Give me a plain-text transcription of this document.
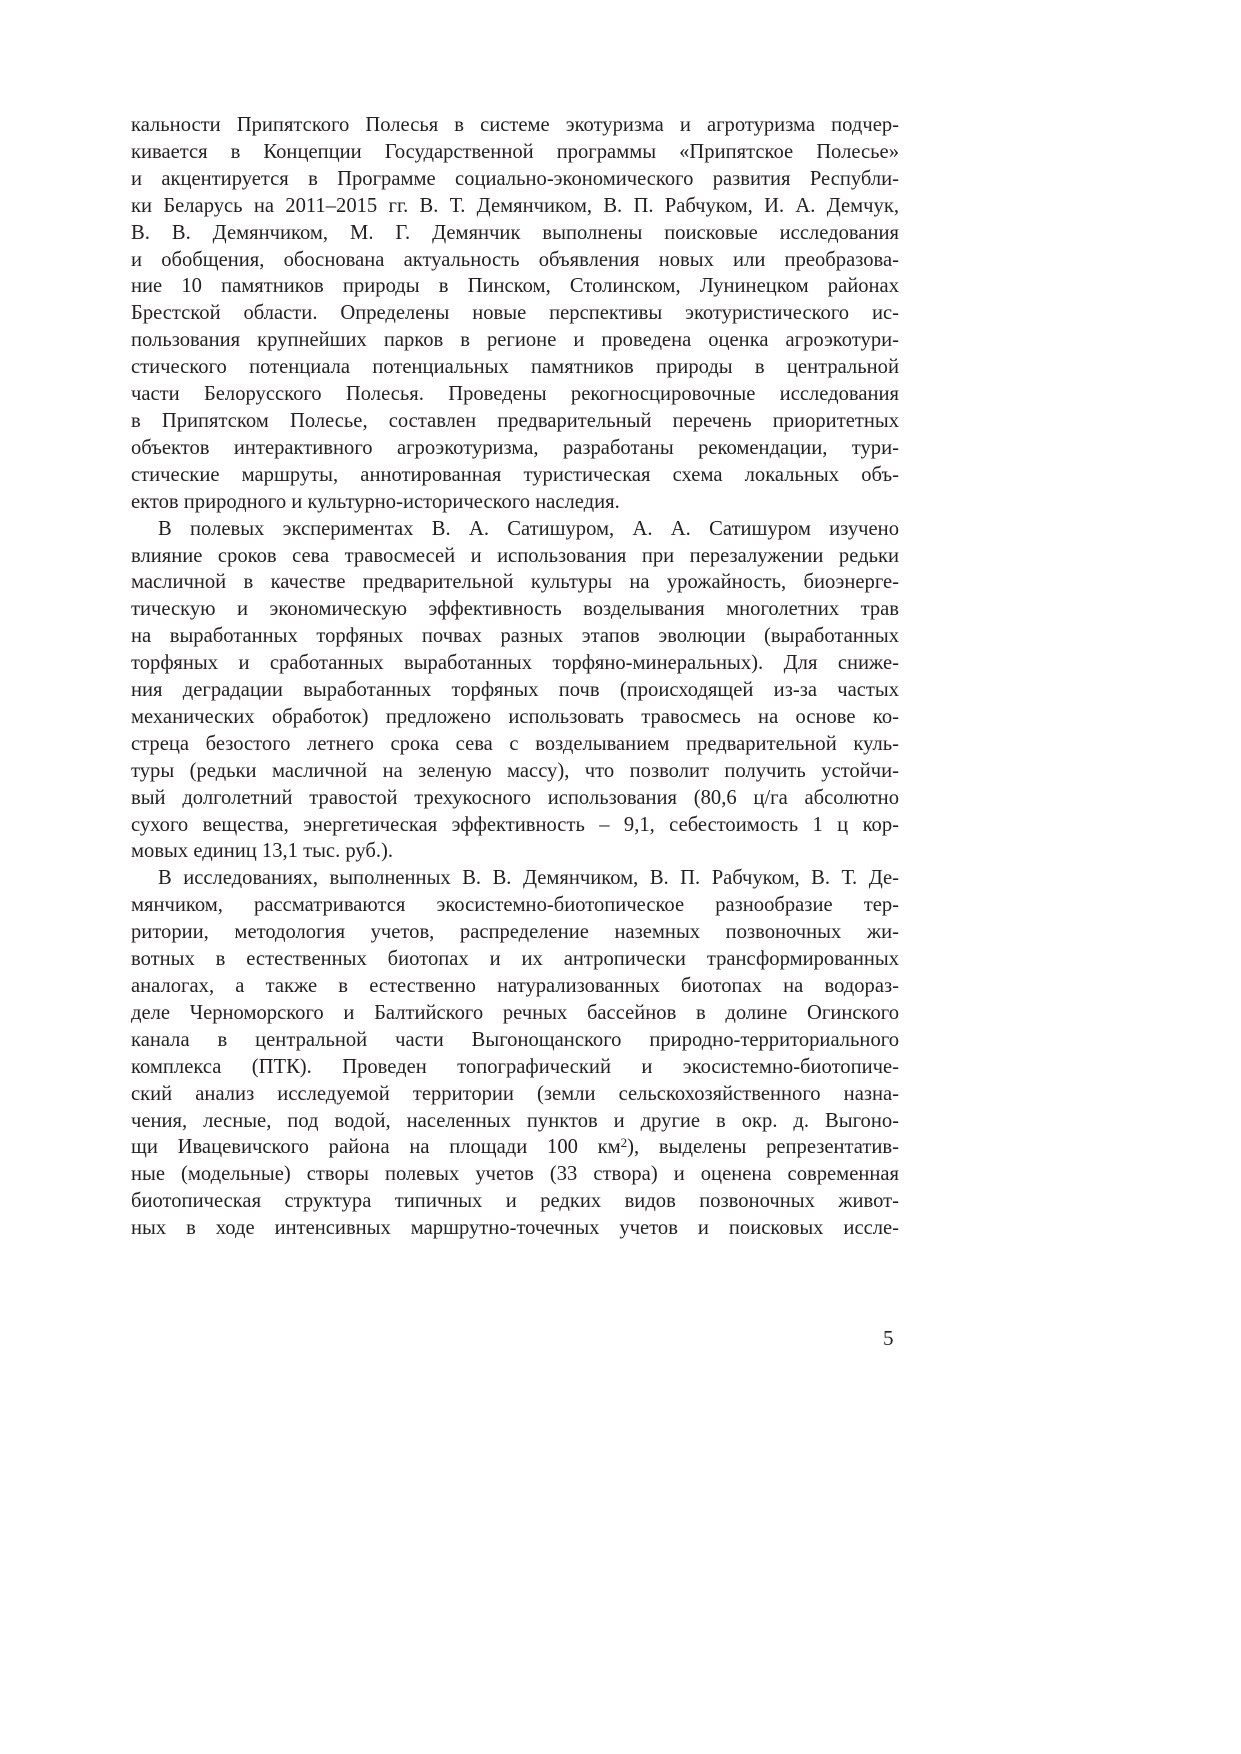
кальности Припятского Полесья в системе экотуризма и агротуризма подчер-
кивается в Концепции Государственной программы «Припятское Полесье»
и акцентируется в Программе социально-экономического развития Республи-
ки Беларусь на 2011–2015 гг. В. Т. Демянчиком, В. П. Рабчуком, И. А. Демчук,
В. В. Демянчиком, М. Г. Демянчик выполнены поисковые исследования
и обобщения, обоснована актуальность объявления новых или преобразова-
ние 10 памятников природы в Пинском, Столинском, Лунинецком районах
Брестской области. Определены новые перспективы экотуристического ис-
пользования крупнейших парков в регионе и проведена оценка агроэкотури-
стического потенциала потенциальных памятников природы в центральной
части Белорусского Полесья. Проведены рекогносцировочные исследования
в Припятском Полесье, составлен предварительный перечень приоритетных
объектов интерактивного агроэкотуризма, разработаны рекомендации, тури-
стические маршруты, аннотированная туристическая схема локальных объ-
ектов природного и культурно-исторического наследия.

В полевых экспериментах В. А. Сатишуром, А. А. Сатишуром изучено
влияние сроков сева травосмесей и использования при перезалужении редьки
масличной в качестве предварительной культуры на урожайность, биоэнерге-
тическую и экономическую эффективность возделывания многолетних трав
на выработанных торфяных почвах разных этапов эволюции (выработанных
торфяных и сработанных выработанных торфяно-минеральных). Для сниже-
ния деградации выработанных торфяных почв (происходящей из-за частых
механических обработок) предложено использовать травосмесь на основе ко-
стреца безостого летнего срока сева с возделыванием предварительной куль-
туры (редьки масличной на зеленую массу), что позволит получить устойчи-
вый долголетний травостой трехукосного использования (80,6 ц/га абсолютно
сухого вещества, энергетическая эффективность – 9,1, себестоимость 1 ц кор-
мовых единиц 13,1 тыс. руб.).

В исследованиях, выполненных В. В. Демянчиком, В. П. Рабчуком, В. Т. Де-
мянчиком, рассматриваются экосистемно-биотопическое разнообразие тер-
ритории, методология учетов, распределение наземных позвоночных жи-
вотных в естественных биотопах и их антропически трансформированных
аналогах, а также в естественно натурализованных биотопах на водораз-
деле Черноморского и Балтийского речных бассейнов в долине Огинского
канала в центральной части Выгонощанского природно-территориального
комплекса (ПТК). Проведен топографический и экосистемно-биотопиче-
ский анализ исследуемой территории (земли сельскохозяйственного назна-
чения, лесные, под водой, населенных пунктов и другие в окр. д. Выгоно-
щи Ивацевичского района на площади 100 $км^2$), выделены репрезентатив-
ные (модельные) створы полевых учетов (33 створа) и оценена современная
биотопическая структура типичных и редких видов позвоночных живот-
ных в ходе интенсивных маршрутно-точечных учетов и поисковых иссле-

5
